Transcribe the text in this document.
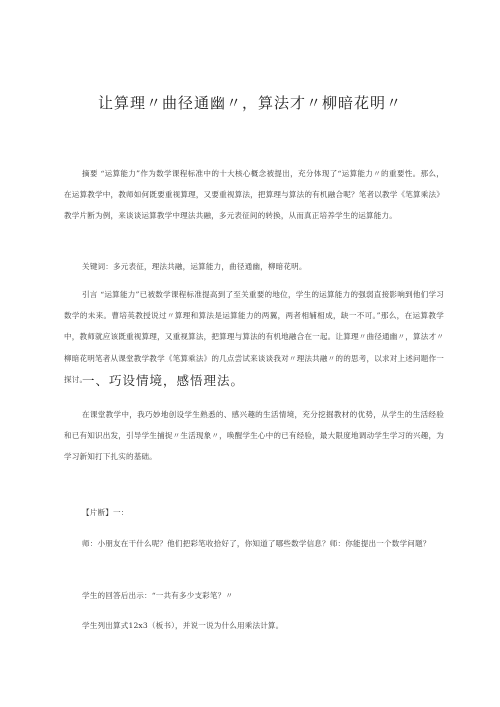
让算理〃曲径通幽〃，算法才〃柳暗花明〃

摘要 “运算能力”作为数学课程标准中的十大核心概念被提出，充分体现了“运算能力〃的重要性。那么，在运算教学中，教师如何既要重视算理，又要重视算法，把算理与算法的有机融合呢？笔者以教学《笔算乘法》教学片断为例，来谈谈运算教学中理法共融，多元表征间的转换，从而真正培养学生的运算能力。

关键词：多元表征，理法共融，运算能力，曲径通幽，柳暗花明。

引言 “运算能力”已被数学课程标准提高到了至关重要的地位，学生的运算能力的强弱直接影响到他们学习数学的未来。曹培英教授说过〃算理和算法是运算能力的两翼，两者相辅相成，缺一不可。”那么，在运算教学中，教师就应该既重视算理，又重视算法，把算理与算法的有机地融合在一起。让算理〃曲径通幽〃，算法才〃柳暗花明笔者从课堂教学教学《笔算乘法》的几点尝试来谈谈我对〃理法共融〃的的思考，以求对上述问题作一探讨。

一、巧设情境，感悟理法。

在课堂教学中，我巧妙地创设学生熟悉的、感兴趣的生活情境，充分挖掘教材的优势，从学生的生活经验和已有知识出发，引导学生捕捉〃生活现象〃，唤醒学生心中的已有经验，最大限度地调动学生学习的兴趣，为学习新知打下扎实的基础。

【片断】一：

师：小朋友在干什么呢？他们把彩笔收拾好了，你知道了哪些数学信息？师：你能提出一个数学问题？

学生的回答后出示：“一共有多少支彩笔？〃

学生列出算式12x3（板书），并说一说为什么用乘法计算。
